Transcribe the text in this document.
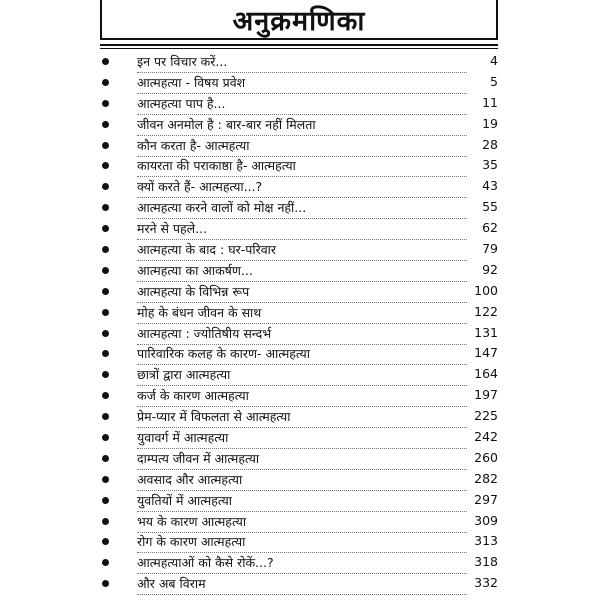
अनुक्रमणिका
इन पर विचार करें...	4
आत्महत्या - विषय प्रवेश	5
आत्महत्या पाप है...	11
जीवन अनमोल है : बार-बार नहीं मिलता	19
कौन करता है- आत्महत्या	28
कायरता की पराकाष्ठा है- आत्महत्या	35
क्यों करते हैं- आत्महत्या...?	43
आत्महत्या करने वालों को मोक्ष नहीं...	55
मरने से पहले...	62
आत्महत्या के बाद : घर-परिवार	79
आत्महत्या का आकर्षण...	92
आत्महत्या के विभिन्न रूप	100
मोह के बंधन जीवन के साथ	122
आत्महत्या : ज्योतिषीय सन्दर्भ	131
पारिवारिक कलह के कारण- आत्महत्या	147
छात्रों द्वारा आत्महत्या	164
कर्ज के कारण आत्महत्या	197
प्रेम-प्यार में विफलता से आत्महत्या	225
युवावर्ग में आत्महत्या	242
दाम्पत्य जीवन में आत्महत्या	260
अवसाद और आत्महत्या	282
युवतियों में आत्महत्या	297
भय के कारण आत्महत्या	309
रोग के कारण आत्महत्या	313
आत्महत्याओं को कैसे रोकें...?	318
और अब विराम	332
